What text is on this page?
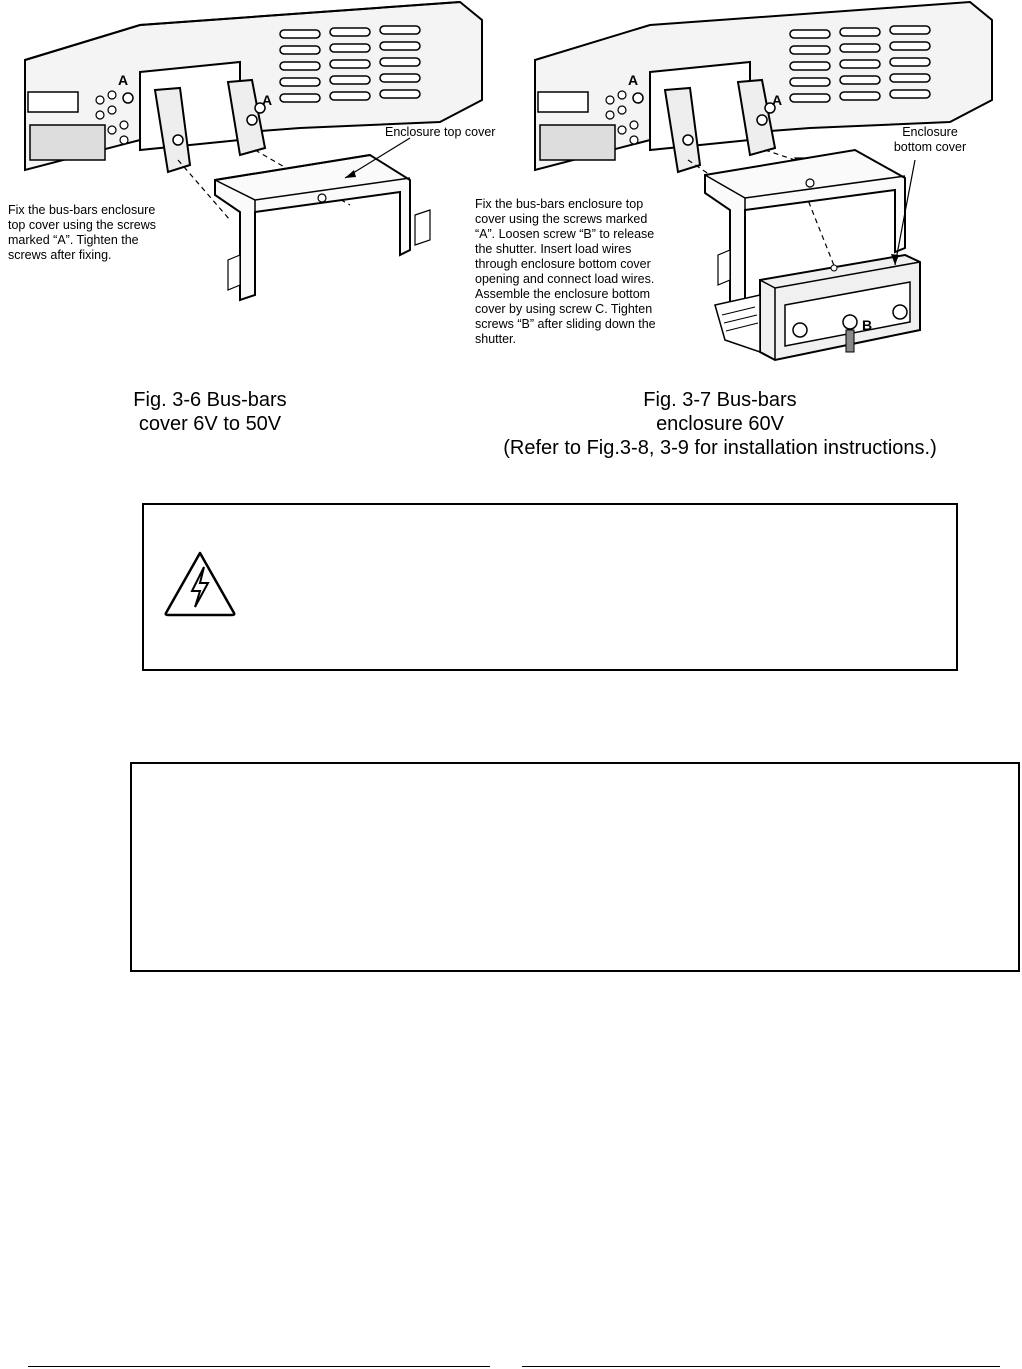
A
A
Enclosure top cover
Fix the bus-bars enclosure
top cover using the screws
marked “A”. Tighten the
screws after fixing.
A
A
B
Enclosure
bottom cover
Fix the bus-bars enclosure top
cover using the screws marked
“A”. Loosen screw “B” to release
the shutter. Insert load wires
through enclosure bottom cover
opening and connect load wires.
Assemble the enclosure bottom
cover by using screw C. Tighten
screws “B” after sliding down the
shutter.
Fig. 3-6 Bus-bars
cover 6V to 50V
Fig. 3-7 Bus-bars
enclosure 60V
(Refer to Fig.3-8, 3-9 for installation instructions.)
